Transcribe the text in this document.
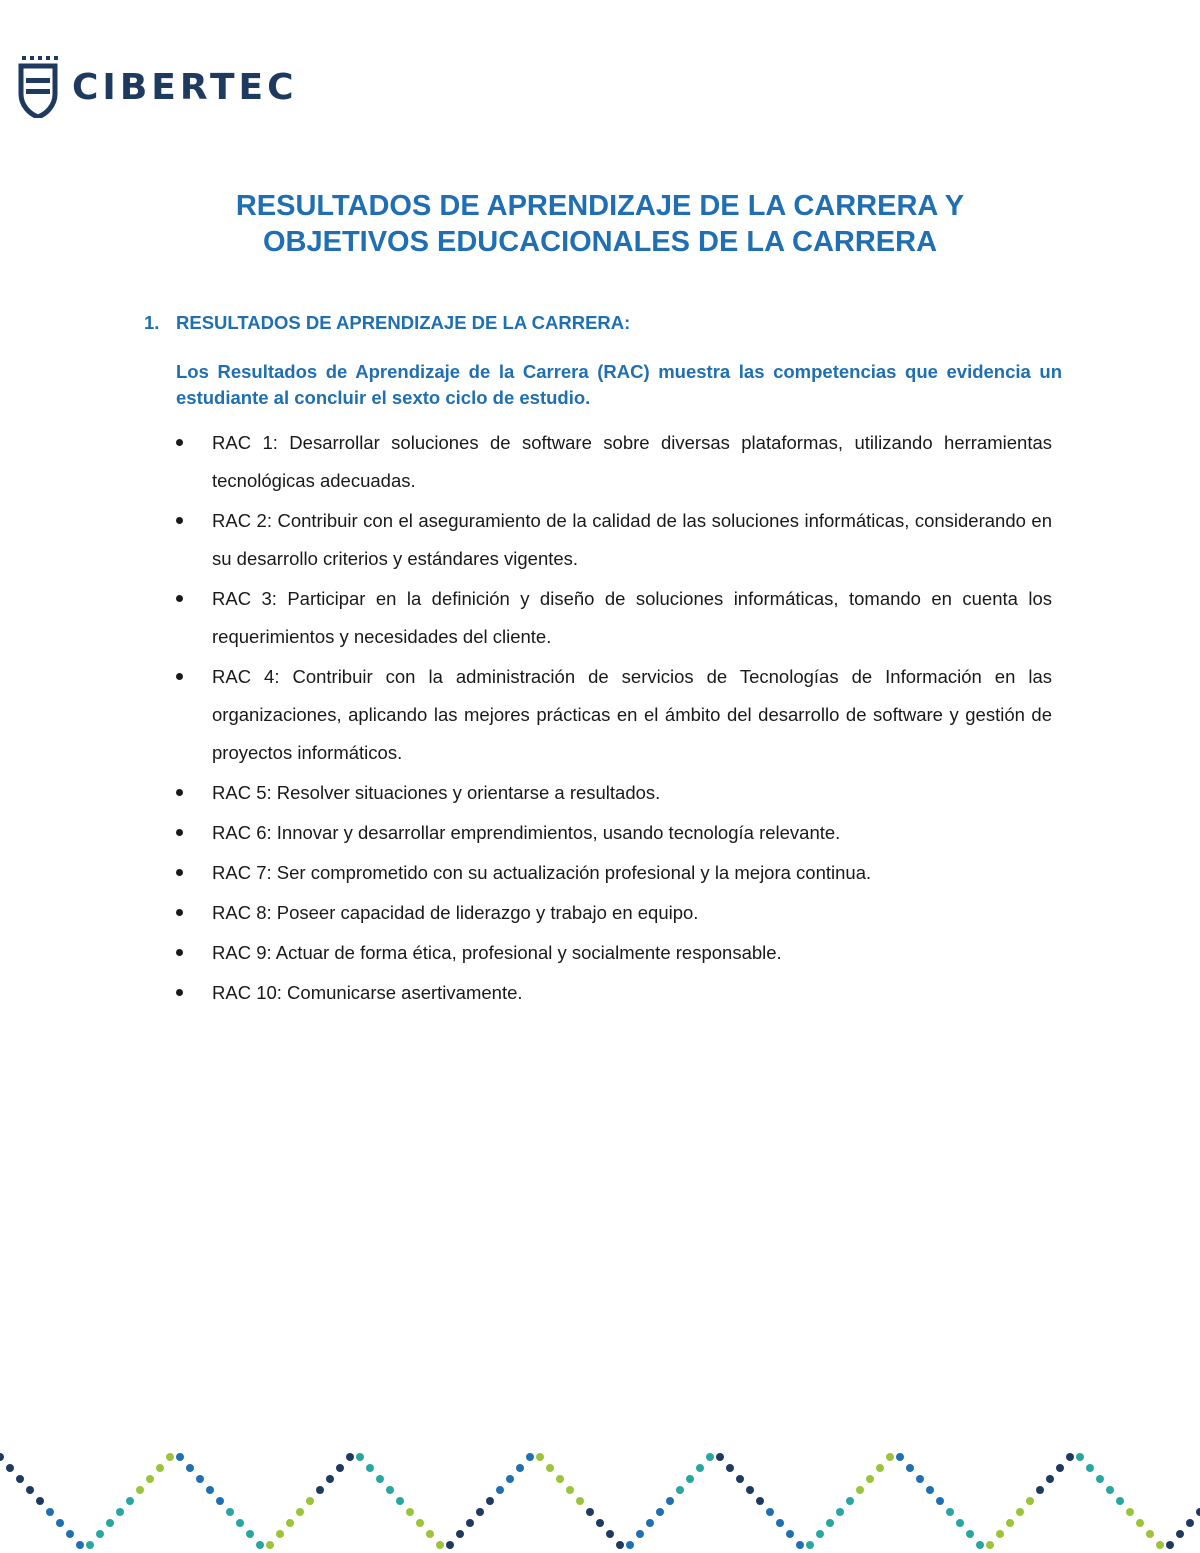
CIBERTEC
RESULTADOS DE APRENDIZAJE DE LA CARRERA Y
OBJETIVOS EDUCACIONALES DE LA CARRERA
1. RESULTADOS DE APRENDIZAJE DE LA CARRERA:
Los Resultados de Aprendizaje de la Carrera (RAC) muestra las competencias que evidencia un estudiante al concluir el sexto ciclo de estudio.
RAC 1: Desarrollar soluciones de software sobre diversas plataformas, utilizando herramientas tecnológicas adecuadas.
RAC 2: Contribuir con el aseguramiento de la calidad de las soluciones informáticas, considerando en su desarrollo criterios y estándares vigentes.
RAC 3: Participar en la definición y diseño de soluciones informáticas, tomando en cuenta los requerimientos y necesidades del cliente.
RAC 4: Contribuir con la administración de servicios de Tecnologías de Información en las organizaciones, aplicando las mejores prácticas en el ámbito del desarrollo de software y gestión de proyectos informáticos.
RAC 5: Resolver situaciones y orientarse a resultados.
RAC 6: Innovar y desarrollar emprendimientos, usando tecnología relevante.
RAC 7: Ser comprometido con su actualización profesional y la mejora continua.
RAC 8: Poseer capacidad de liderazgo y trabajo en equipo.
RAC 9: Actuar de forma ética, profesional y socialmente responsable.
RAC 10: Comunicarse asertivamente.
